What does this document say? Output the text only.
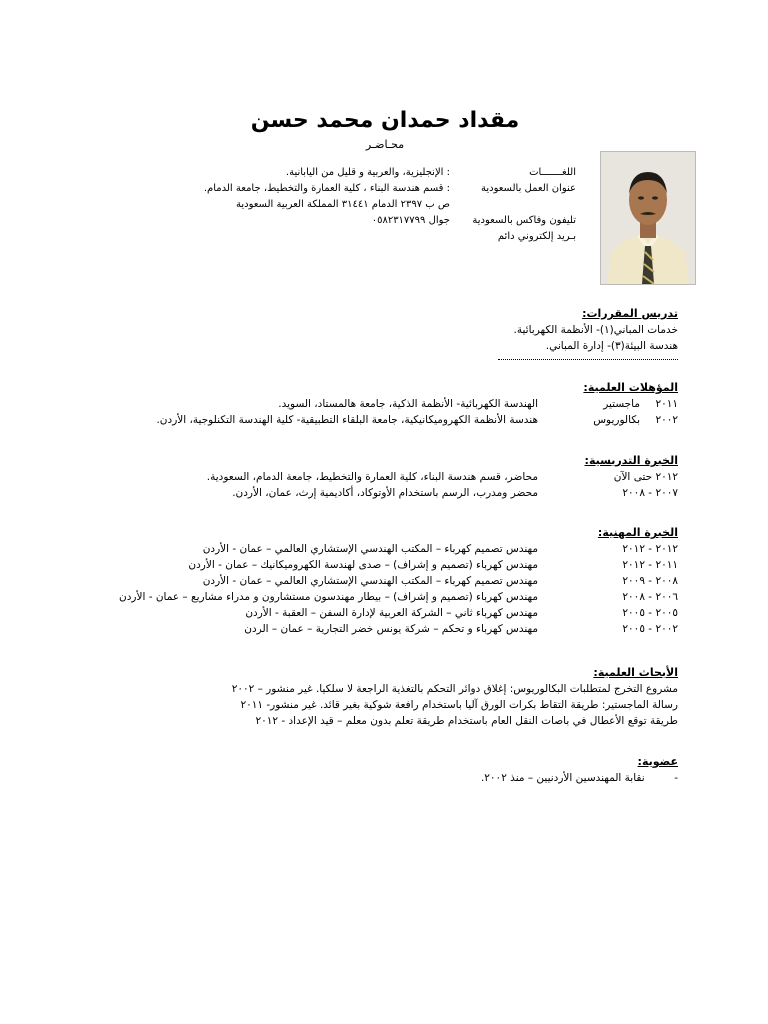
مقداد حمدان محمد حسن
محـاضـر
اللغـــــــات
عنوان العمل بالسعودية
تليفون وفاكس بالسعودية
بـريد إلكتروني دائم
: الإنجليزية، والعربية و قليل من اليابانية.
: قسم هندسة البناء ، كلية العمارة والتخطيط، جامعة الدمام.
ص ب ٢٣٩٧ الدمام ٣١٤٤١ المملكة العربية السعودية
جوال ٠٥٨٢٣١٧٧٩٩
تدريس المقررات:
خدمات المباني(١)- الأنظمة الكهربائية.
هندسة البيئة(٣)- إدارة المباني.
المؤهلات العلمية:
٢٠١١
ماجستير
الهندسة الكهربائية- الأنظمة الذكية، جامعة هالمستاد، السويد.
٢٠٠٢
بكالوريوس
هندسة الأنظمة الكهروميكانيكية، جامعة البلقاء التطبيقية- كلية الهندسة التكنلوجية، الأردن.
الخبرة التدريسية:
٢٠١٢ حتى الآن
محاضر، قسم هندسة البناء، كلية العمارة والتخطيط، جامعة الدمام، السعودية.
٢٠٠٧ - ٢٠٠٨
محضر ومدرب، الرسم باستخدام الأوتوكاد، أكاديمية إرث، عمان، الأردن.
الخبرة المهنية:
٢٠١٢ - ٢٠١٢
مهندس تصميم كهرباء – المكتب الهندسي الإستشاري العالمي – عمان - الأردن
٢٠١١ - ٢٠١٢
مهندس كهرباء (تصميم و إشراف) – صدى لهندسة الكهروميكانيك – عمان - الأردن
٢٠٠٨ - ٢٠٠٩
مهندس تصميم كهرباء – المكتب الهندسي الإستشاري العالمي – عمان - الأردن
٢٠٠٦ - ٢٠٠٨
مهندس كهرباء (تصميم و إشراف) – بيطار مهندسون مستشارون و مدراء مشاريع – عمان - الأردن
٢٠٠٥ - ٢٠٠٥
مهندس كهرباء ثاني – الشركة العربية لإدارة السفن – العقبة - الأردن
٢٠٠٢ - ٢٠٠٥
مهندس كهرباء و تحكم – شركة يونس خضر التجارية – عمان – الردن
الأبحاث العلمية:
مشروع التخرج لمتطلبات البكالوريوس: إغلاق دوائر التحكم بالتغذية الراجعة لا سلكيا. غير منشور – ٢٠٠٢
رسالة الماجستير: طريقة التقاط بكرات الورق آليا باستخدام رافعة شوكية بغير قائد. غير منشور- ٢٠١١
طريقة توقع الأعطال في باصات النقل العام باستخدام طريقة تعلم بدون معلم – قيد الإعداد - ٢٠١٢
عضوية:
- نقابة المهندسين الأردنيين – منذ ٢٠٠٢.
